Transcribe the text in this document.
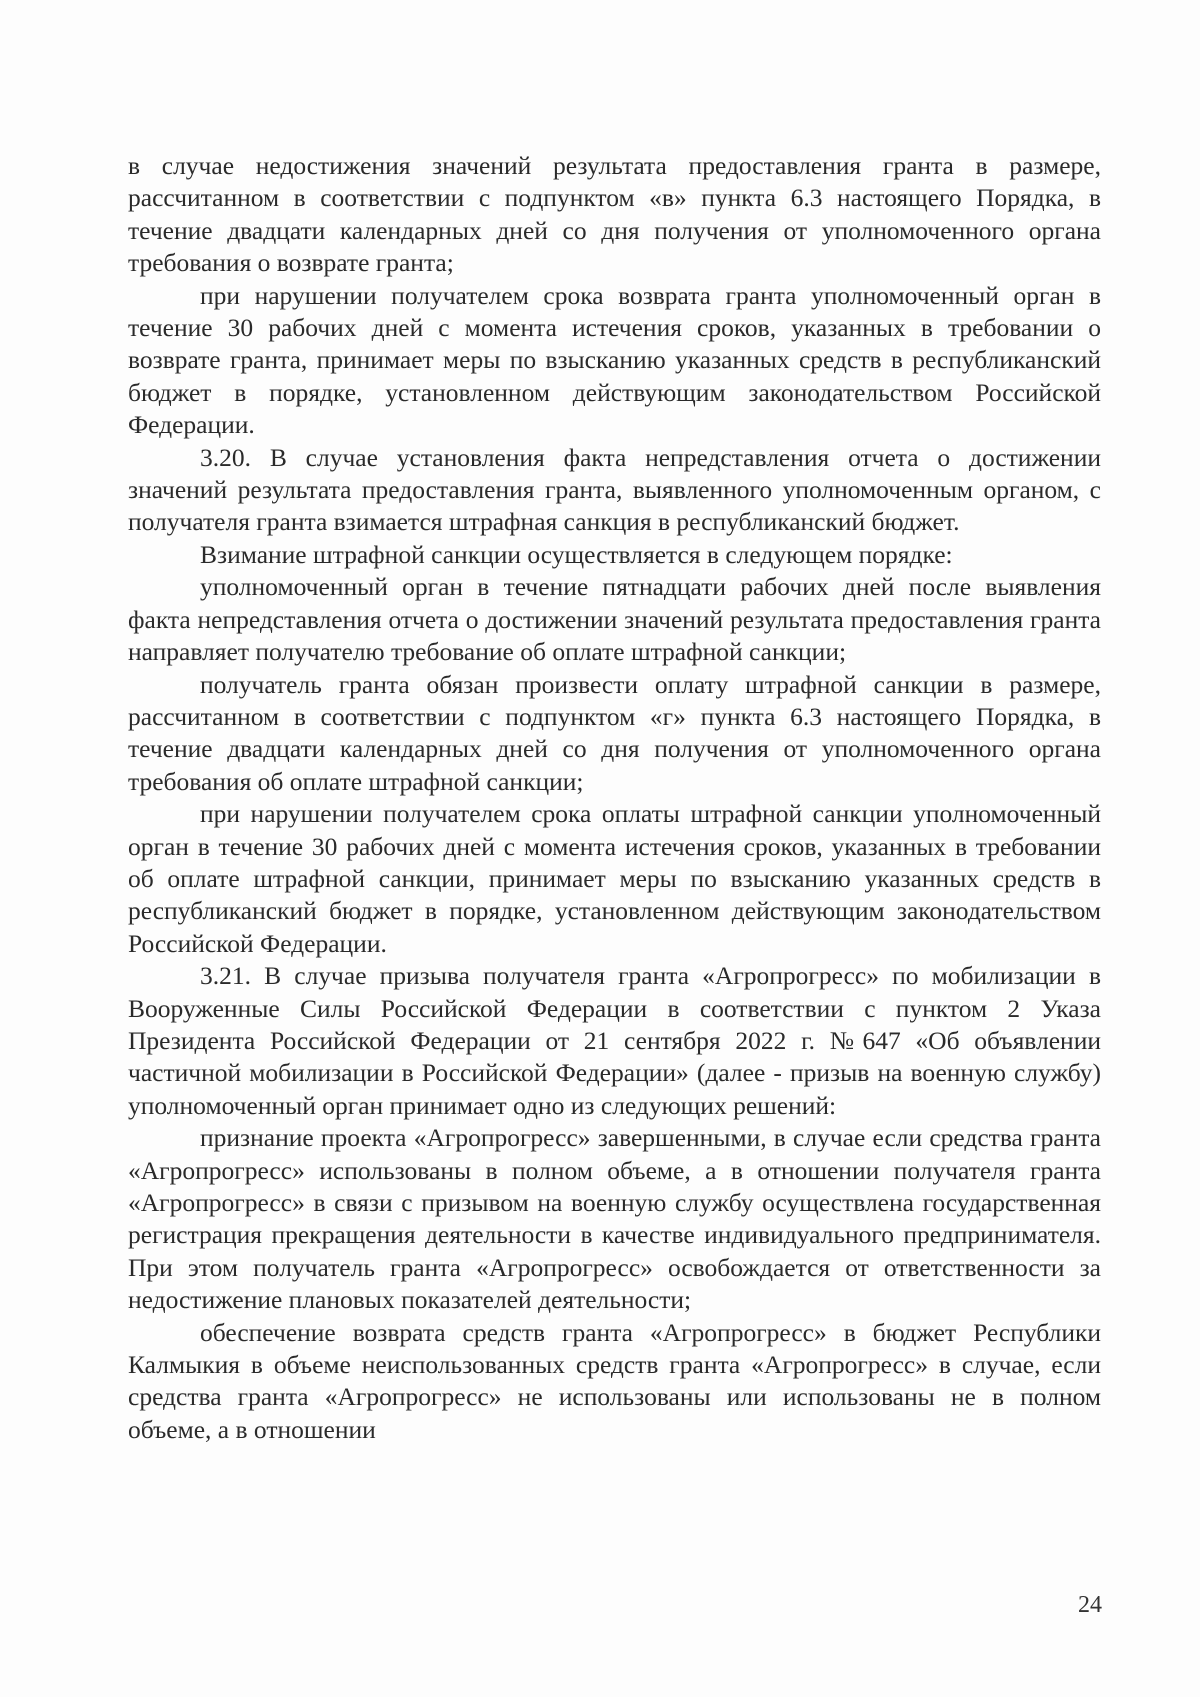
в случае недостижения значений результата предоставления гранта в размере, рассчитанном в соответствии с подпунктом «в» пункта 6.3 настоящего Порядка, в течение двадцати календарных дней со дня получения от уполномоченного органа требования о возврате гранта;

при нарушении получателем срока возврата гранта уполномоченный орган в течение 30 рабочих дней с момента истечения сроков, указанных в требовании о возврате гранта, принимает меры по взысканию указанных средств в республиканский бюджет в порядке, установленном действующим законодательством Российской Федерации.

3.20. В случае установления факта непредставления отчета о достижении значений результата предоставления гранта, выявленного уполномоченным органом, с получателя гранта взимается штрафная санкция в республиканский бюджет.

Взимание штрафной санкции осуществляется в следующем порядке:

уполномоченный орган в течение пятнадцати рабочих дней после выявления факта непредставления отчета о достижении значений результата предоставления гранта направляет получателю требование об оплате штрафной санкции;

получатель гранта обязан произвести оплату штрафной санкции в размере, рассчитанном в соответствии с подпунктом «г» пункта 6.3 настоящего Порядка, в течение двадцати календарных дней со дня получения от уполномоченного органа требования об оплате штрафной санкции;

при нарушении получателем срока оплаты штрафной санкции уполномоченный орган в течение 30 рабочих дней с момента истечения сроков, указанных в требовании об оплате штрафной санкции, принимает меры по взысканию указанных средств в республиканский бюджет в порядке, установленном действующим законодательством Российской Федерации.

3.21. В случае призыва получателя гранта «Агропрогресс» по мобилизации в Вооруженные Силы Российской Федерации в соответствии с пунктом 2 Указа Президента Российской Федерации от 21 сентября 2022 г. №647 «Об объявлении частичной мобилизации в Российской Федерации» (далее - призыв на военную службу) уполномоченный орган принимает одно из следующих решений:

признание проекта «Агропрогресс» завершенными, в случае если средства гранта «Агропрогресс» использованы в полном объеме, а в отношении получателя гранта «Агропрогресс» в связи с призывом на военную службу осуществлена государственная регистрация прекращения деятельности в качестве индивидуального предпринимателя. При этом получатель гранта «Агропрогресс» освобождается от ответственности за недостижение плановых показателей деятельности;

обеспечение возврата средств гранта «Агропрогресс» в бюджет Республики Калмыкия в объеме неиспользованных средств гранта «Агропрогресс» в случае, если средства гранта «Агропрогресс» не использованы или использованы не в полном объеме, а в отношении

24
